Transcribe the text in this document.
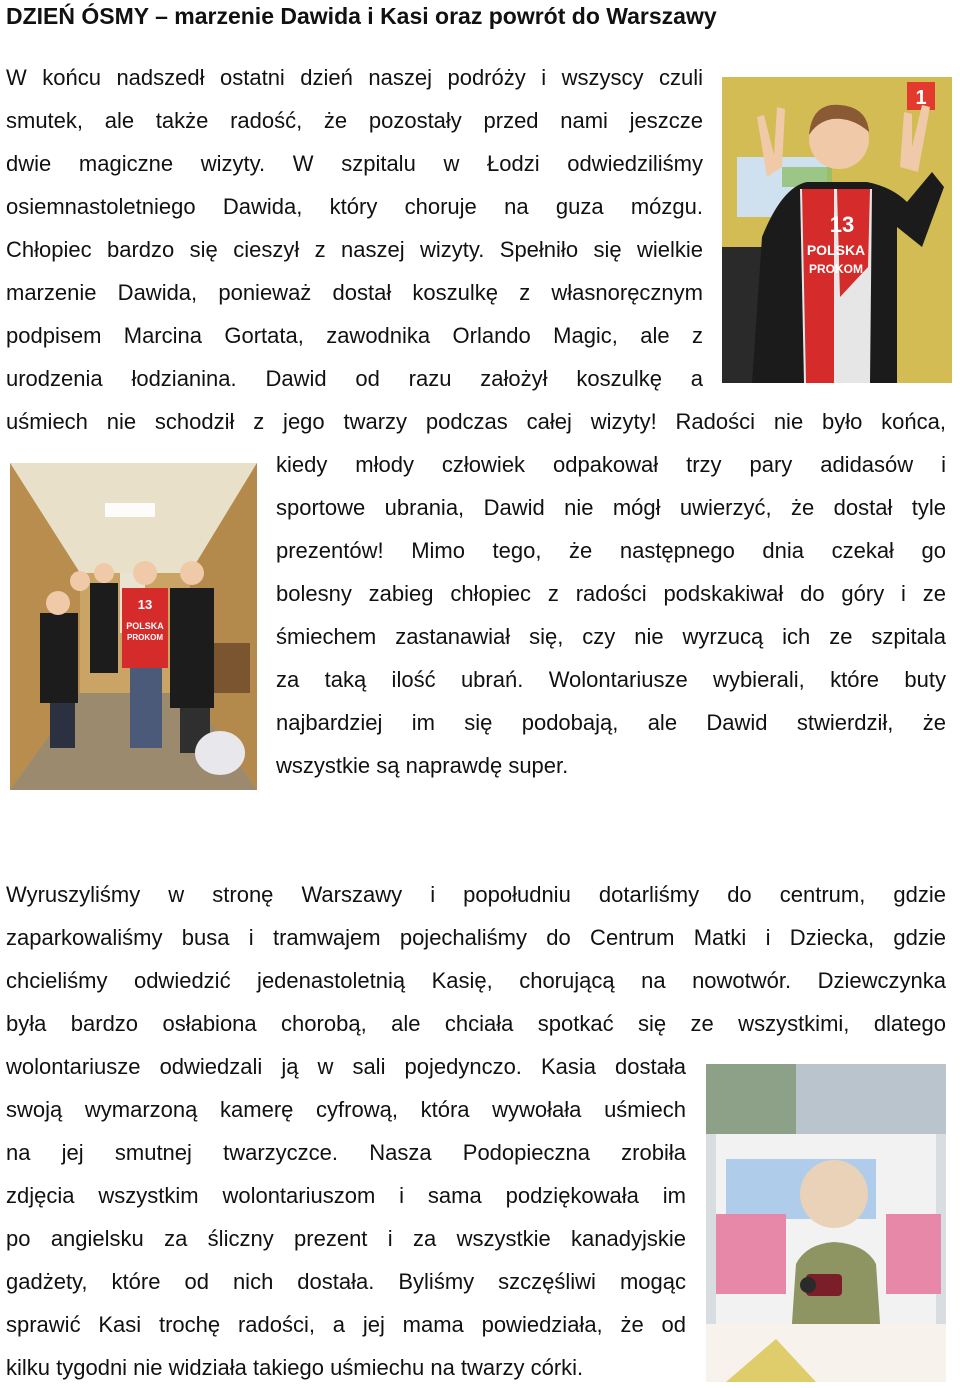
DZIEŃ ÓSMY – marzenie Dawida i Kasi oraz powrót do Warszawy
W końcu nadszedł ostatni dzień naszej podróży i wszyscy czuli
smutek, ale także radość, że pozostały przed nami jeszcze
dwie magiczne wizyty. W szpitalu w Łodzi odwiedziliśmy
osiemnastoletniego Dawida, który choruje na guza mózgu.
Chłopiec bardzo się cieszył z naszej wizyty. Spełniło się wielkie
marzenie Dawida, ponieważ dostał koszulkę z własnoręcznym
podpisem Marcina Gortata, zawodnika Orlando Magic, ale z
urodzenia łodzianina. Dawid od razu założył koszulkę a
uśmiech nie schodził z jego twarzy podczas całej wizyty! Radości nie było końca,
kiedy młody człowiek odpakował trzy pary adidasów i
sportowe ubrania, Dawid nie mógł uwierzyć, że dostał tyle
prezentów! Mimo tego, że następnego dnia czekał go
bolesny zabieg chłopiec z radości podskakiwał do góry i ze
śmiechem zastanawiał się, czy nie wyrzucą ich ze szpitala
za taką ilość ubrań. Wolontariusze wybierali, które buty
najbardziej im się podobają, ale Dawid stwierdził, że
wszystkie są naprawdę super.
Wyruszyliśmy w stronę Warszawy i popołudniu dotarliśmy do centrum, gdzie
zaparkowaliśmy busa i tramwajem pojechaliśmy do Centrum Matki i Dziecka, gdzie
chcieliśmy odwiedzić jedenastoletnią Kasię, chorującą na nowotwór. Dziewczynka
była bardzo osłabiona chorobą, ale chciała spotkać się ze wszystkimi, dlatego
wolontariusze odwiedzali ją w sali pojedynczo. Kasia dostała
swoją wymarzoną kamerę cyfrową, która wywołała uśmiech
na jej smutnej twarzyczce. Nasza Podopieczna zrobiła
zdjęcia wszystkim wolontariuszom i sama podziękowała im
po angielsku za śliczny prezent i za wszystkie kanadyjskie
gadżety, które od nich dostała. Byliśmy szczęśliwi mogąc
sprawić Kasi trochę radości, a jej mama powiedziała, że od
kilku tygodni nie widziała takiego uśmiechu na twarzy córki.
1
13
POLSKA
PROKOM
13
POLSKA
PROKOM
